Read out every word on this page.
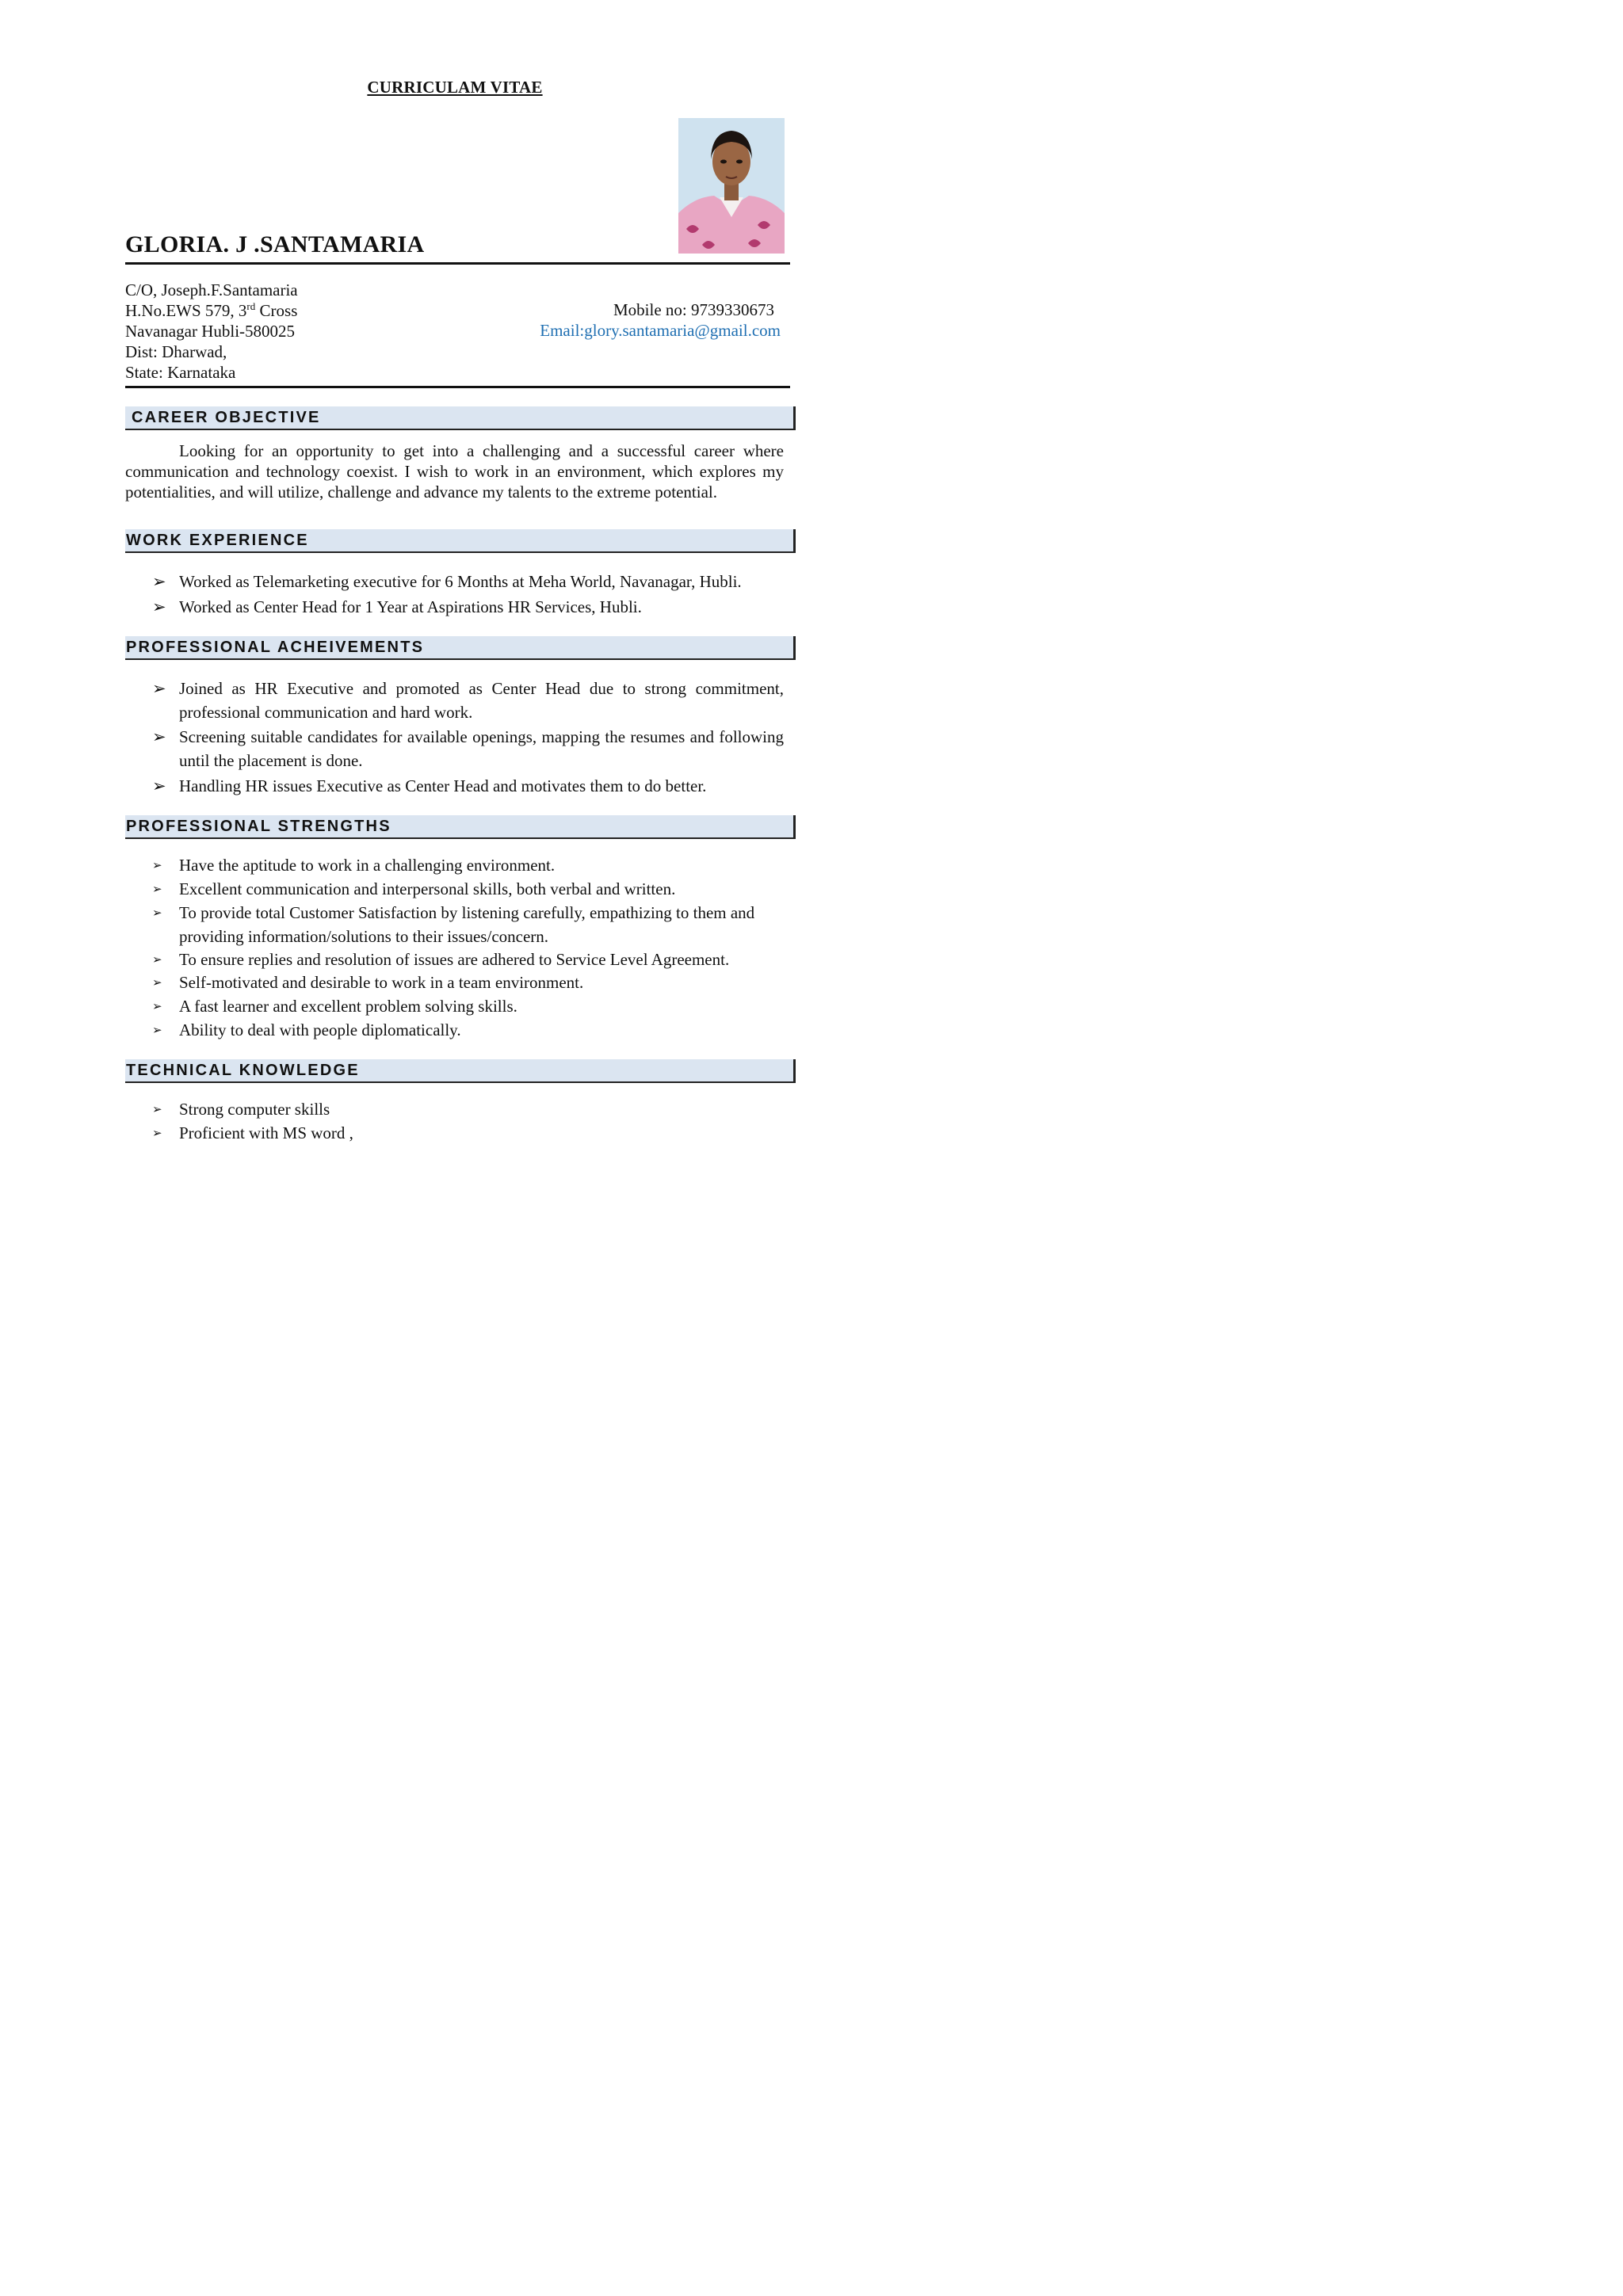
CURRICULAM VITAE
GLORIA. J .SANTAMARIA
C/O, Joseph.F.Santamaria
H.No.EWS 579, 3rd Cross
Navanagar Hubli-580025
Dist: Dharwad,
State: Karnataka
Mobile no: 9739330673
Email:glory.santamaria@gmail.com
CAREER OBJECTIVE
Looking for an opportunity to get into a challenging and a successful career where communication and technology coexist. I wish to work in an environment, which explores my potentialities, and will utilize, challenge and advance my talents to the extreme potential.
WORK EXPERIENCE
➢ Worked as Telemarketing executive for 6 Months at Meha World, Navanagar, Hubli.
➢ Worked as Center Head for 1 Year at Aspirations HR Services, Hubli.
PROFESSIONAL ACHEIVEMENTS
➢ Joined as HR Executive and promoted as Center Head due to strong commitment, professional communication and hard work.
➢ Screening suitable candidates for available openings, mapping the resumes and following until the placement is done.
➢ Handling HR issues Executive as Center Head and motivates them to do better.
PROFESSIONAL STRENGTHS
➢	Have the aptitude to work in a challenging environment.
➢	Excellent communication and interpersonal skills, both verbal and written.
➢	To provide total Customer Satisfaction by listening carefully, empathizing to them and providing information/solutions to their issues/concern.
➢	To ensure replies and resolution of issues are adhered to Service Level Agreement.
➢	Self-motivated and desirable to work in a team environment.
➢	A fast learner and excellent problem solving skills.
➢	Ability to deal with people diplomatically.
TECHNICAL KNOWLEDGE
➢	Strong computer skills
➢	Proficient with MS word ,
